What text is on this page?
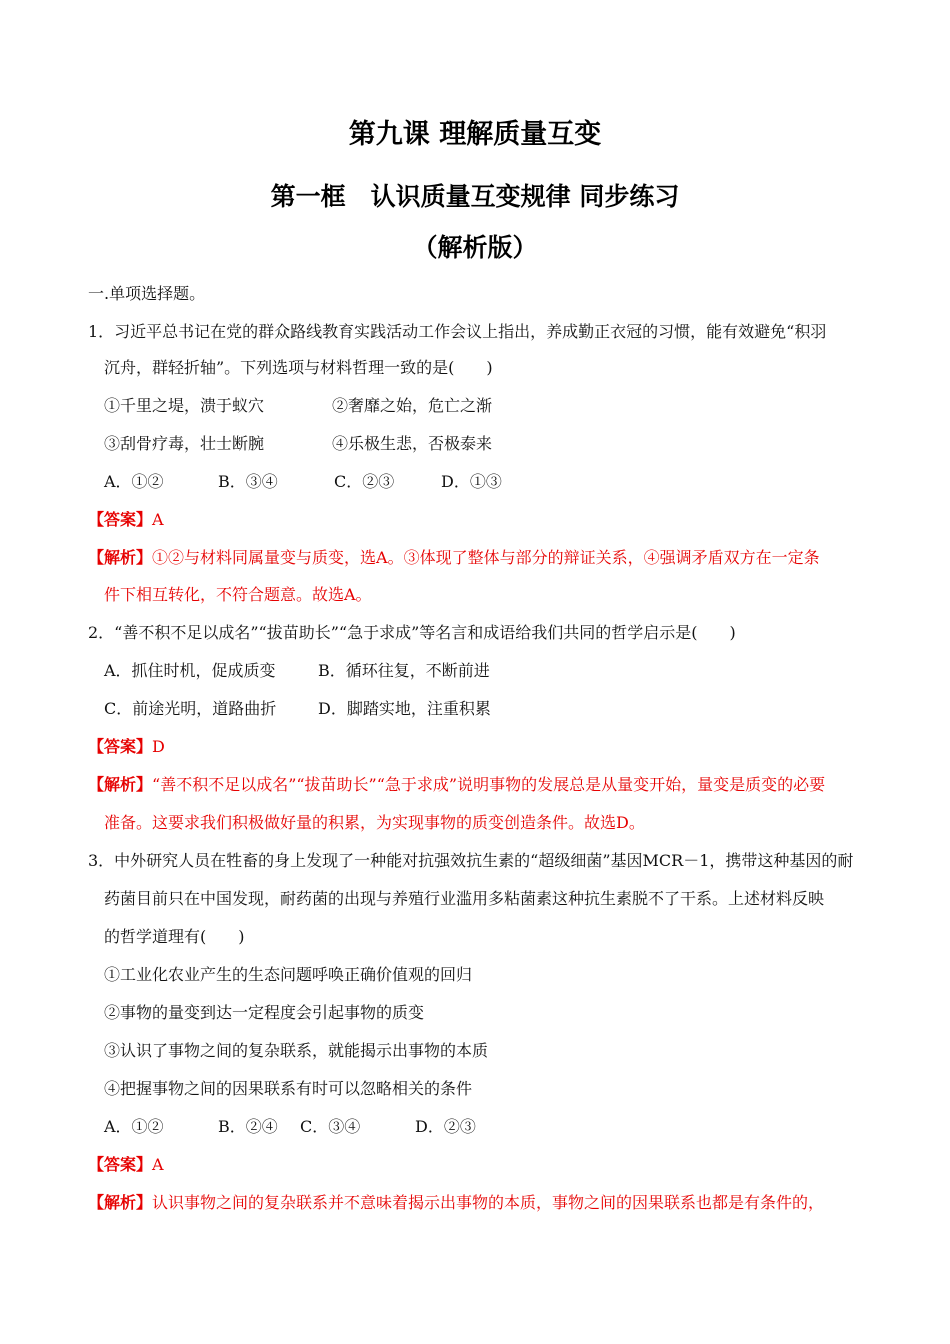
第九课 理解质量互变
第一框　认识质量互变规律 同步练习
（解析版）
一.单项选择题。
1．习近平总书记在党的群众路线教育实践活动工作会议上指出，养成勤正衣冠的习惯，能有效避免“积羽
沉舟，群轻折轴”。下列选项与材料哲理一致的是(　　)
①千里之堤，溃于蚁穴	②奢靡之始，危亡之渐
③刮骨疗毒，壮士断腕	④乐极生悲，否极泰来
A．①②	B．③④	C．②③	D．①③
【答案】A
【解析】①②与材料同属量变与质变，选A。③体现了整体与部分的辩证关系，④强调矛盾双方在一定条
件下相互转化，不符合题意。故选A。
2．“善不积不足以成名”“拔苗助长”“急于求成”等名言和成语给我们共同的哲学启示是(　　)
A．抓住时机，促成质变	B．循环往复，不断前进
C．前途光明，道路曲折	D．脚踏实地，注重积累
【答案】D
【解析】“善不积不足以成名”“拔苗助长”“急于求成”说明事物的发展总是从量变开始，量变是质变的必要
准备。这要求我们积极做好量的积累，为实现事物的质变创造条件。故选D。
3．中外研究人员在牲畜的身上发现了一种能对抗强效抗生素的“超级细菌”基因MCR－1，携带这种基因的耐
药菌目前只在中国发现，耐药菌的出现与养殖行业滥用多粘菌素这种抗生素脱不了干系。上述材料反映
的哲学道理有(　　)
①工业化农业产生的生态问题呼唤正确价值观的回归
②事物的量变到达一定程度会引起事物的质变
③认识了事物之间的复杂联系，就能揭示出事物的本质
④把握事物之间的因果联系有时可以忽略相关的条件
A．①②	B．②④ C．③④	D．②③
【答案】A
【解析】认识事物之间的复杂联系并不意味着揭示出事物的本质，事物之间的因果联系也都是有条件的，
